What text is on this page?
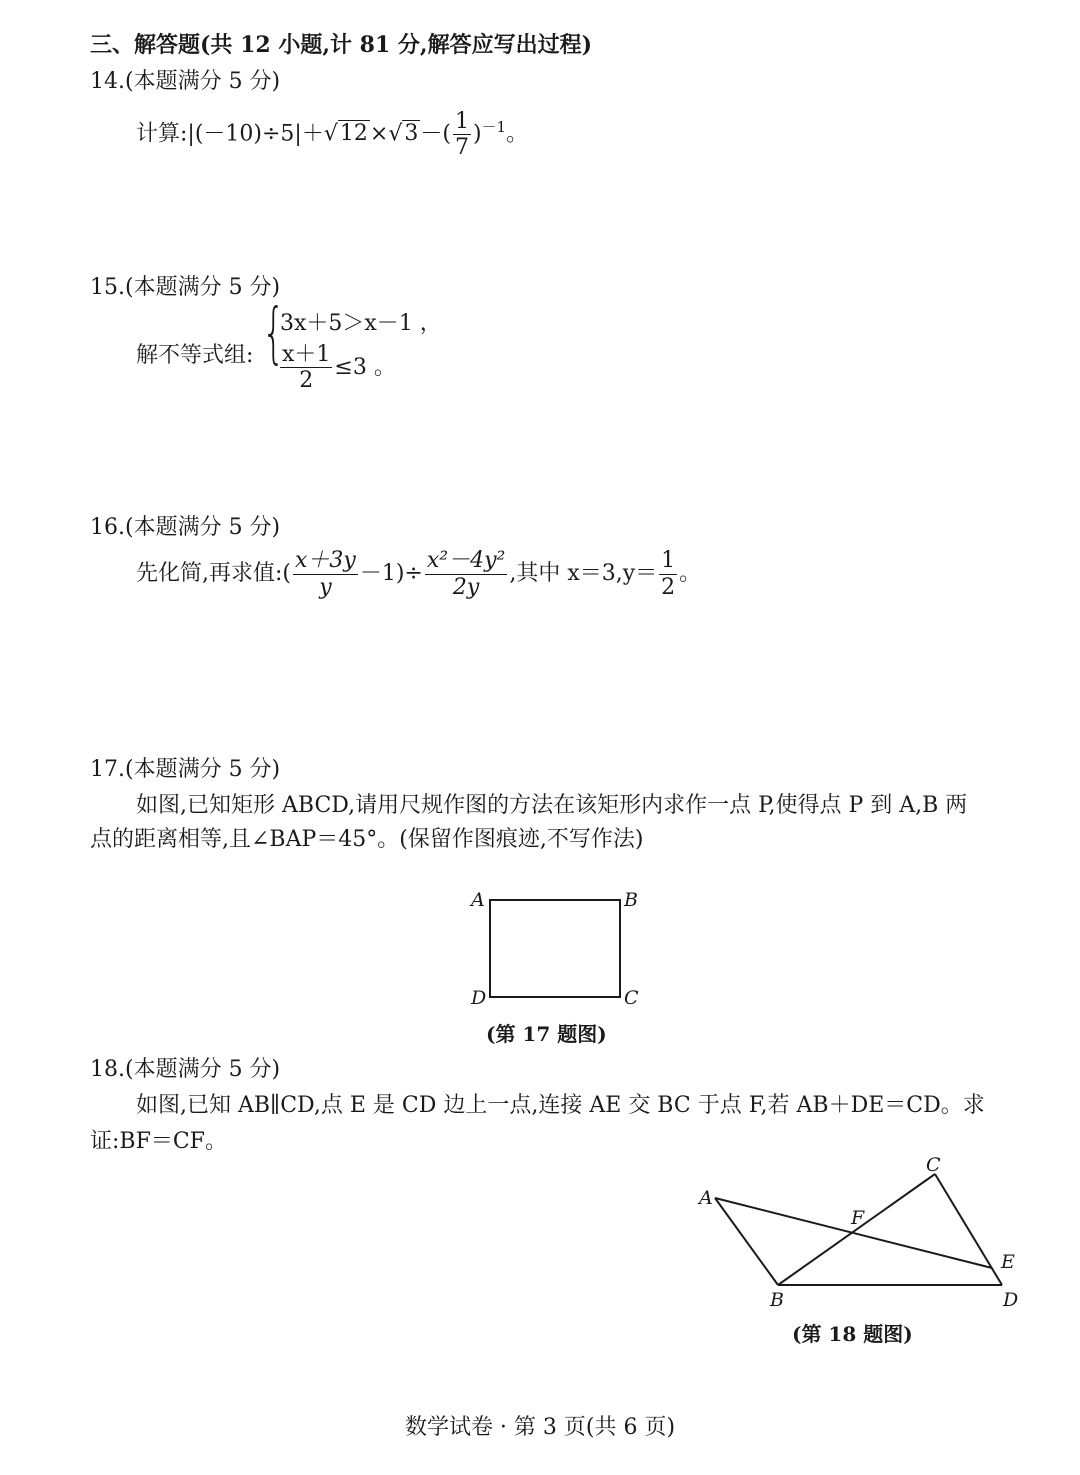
三、解答题(共 12 小题,计 81 分,解答应写出过程)
14.(本题满分 5 分)
计算:|(－10)÷5|＋√12×√3－( $\frac{1}{7} )^{-1}$。
15.(本题满分 5 分)
解不等式组: {
3x＋5＞x－1 ，
$\frac{x+1}{2} \le 3$ 。
16.(本题满分 5 分)
先化简,再求值:( $\frac{x+3y}{y} -1)\div \frac{\text{x²－4y²}}{2y}$ ,其中 $x=3,y= \frac{1}{2}$ 。
17.(本题满分 5 分)
如图,已知矩形 ABCD,请用尺规作图的方法在该矩形内求作一点 P,使得点 P 到 A,B 两
点的距离相等,且∠BAP＝45°。(保留作图痕迹,不写作法)
A	B
C
D
(第 17 题图)
18.(本题满分 5 分)
如图,已知 AB∥CD,点 E 是 CD 边上一点,连接 AE 交 BC 于点 F,若 AB＋DE＝CD。求
证:BF＝CF。
A
B
C
D
E
F
(第 18 题图)
数学试卷 · 第 3 页(共 6 页)
